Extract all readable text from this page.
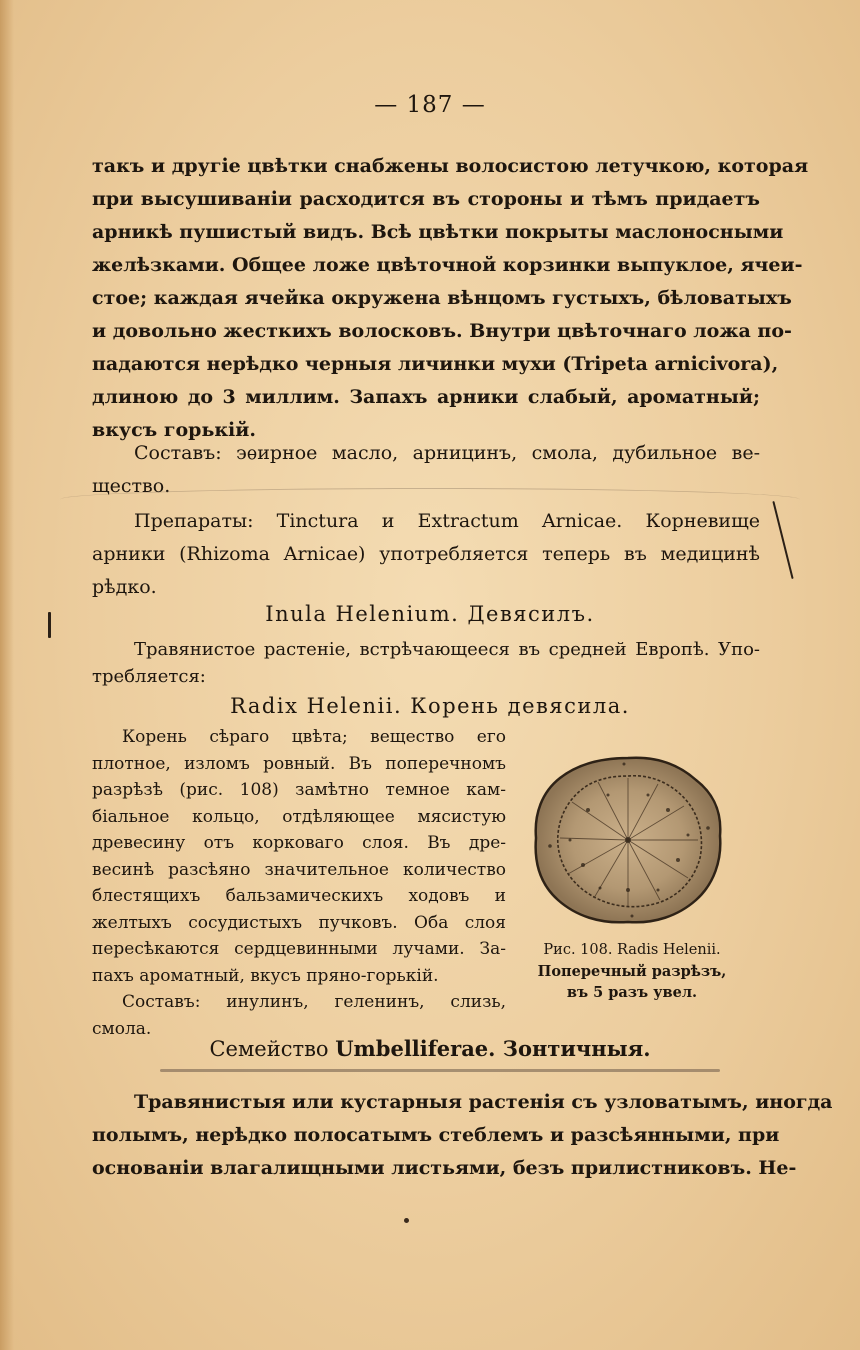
— 187 —
такъ и другіе цвѣтки снабжены волосистою летучкою, которая
при высушиваніи расходится въ стороны и тѣмъ придаетъ
арникѣ пушистый видъ. Всѣ цвѣтки покрыты маслоносными
желѣзками. Общее ложе цвѣточной корзинки выпуклое, ячеи-
стое; каждая ячейка окружена вѣнцомъ густыхъ, бѣловатыхъ
и довольно жесткихъ волосковъ. Внутри цвѣточнаго ложа по-
падаются нерѣдко черныя личинки мухи (Trіpеta аrnісіvora),
длиною до 3 миллим. Запахъ арники слабый, ароматный;
вкусъ горькій.
Составъ: эѳирное масло, арницинъ, смола, дубильное ве-
щество.
Препараты: Tіnсturа и Extractum Arnicae. Корневище
арники (Rhizoma Arnicae) употребляется теперь въ медицинѣ
рѣдко.
Inula Helenium. Девясилъ.
Травянистое растеніе, встрѣчающееся въ средней Европѣ. Упо-
требляется:
Radix Helenii. Корень девясила.
Корень сѣраго цвѣта; вещество его
плотное, изломъ ровный. Въ поперечномъ
разрѣзѣ (рис. 108) замѣтно темное кам-
біальное кольцо, отдѣляющее мясистую
древесину отъ корковаго слоя. Въ дре-
весинѣ разсѣяно значительное количество
блестящихъ бальзамическихъ ходовъ и
желтыхъ сосудистыхъ пучковъ. Оба слоя
пересѣкаются сердцевинными лучами. За-
пахъ ароматный, вкусъ пряно-горькій.
Составъ: инулинъ, геленинъ, слизь,
смола.
Рис. 108. Radis Helenii.
Поперечный разрѣзъ,
въ 5 разъ увел.
Семейство Umbelliferae. Зонтичныя.
Травянистыя или кустарныя растенія съ узловатымъ, иногда
полымъ, нерѣдко полосатымъ стеблемъ и разсѣянными, при
основаніи влагалищными листьями, безъ прилистниковъ. Не-
